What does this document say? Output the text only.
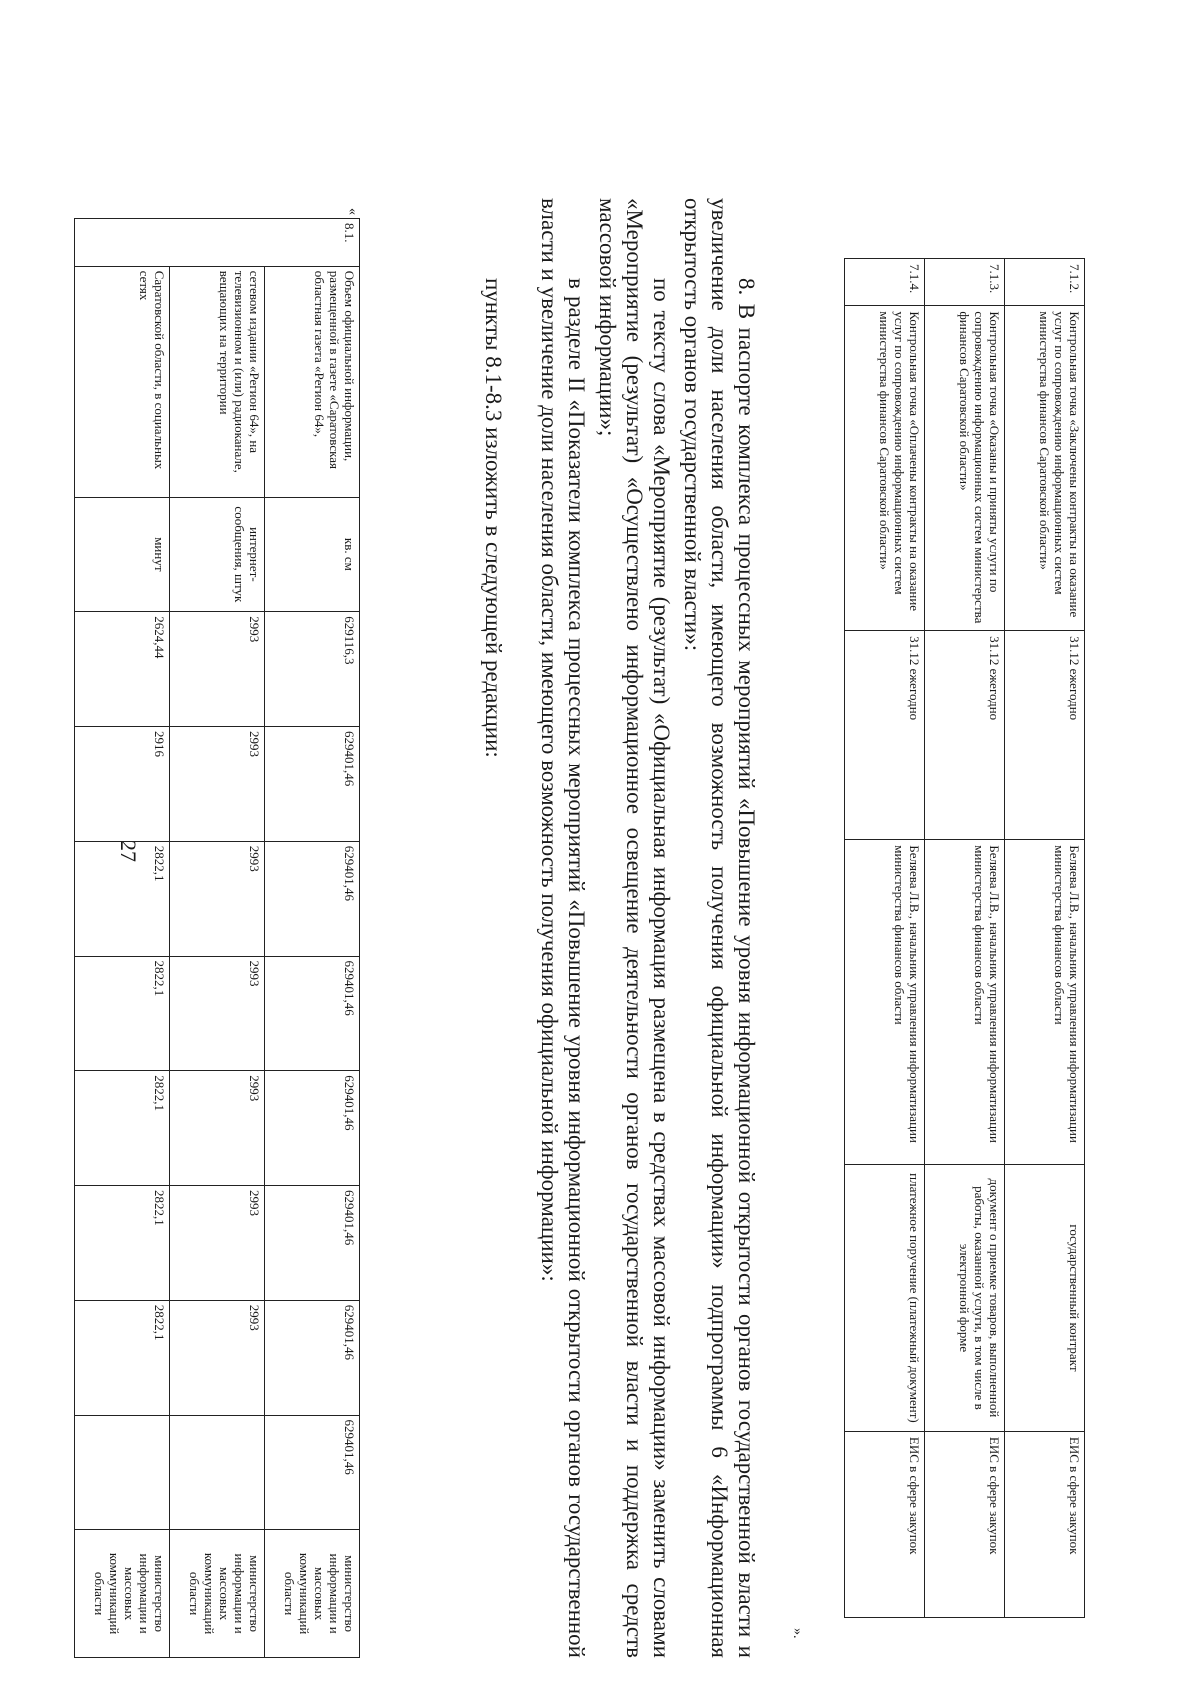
27
7.1.2.	Контрольная точка «Заключены контракты на оказание услуг по сопровождению информационных систем министерства финансов Саратовской области»	31.12 ежегодно	Беляева Л.В., начальник управления информатизации министерства финансов области	государственный контракт	ЕИС в сфере закупок
7.1.3.	Контрольная точка «Оказаны и приняты услуги по сопровождению информационных систем министерства финансов Саратовской области»	31.12 ежегодно	Беляева Л.В., начальник управления информатизации министерства финансов области	документ о приемке товаров, выполненной работы, оказанной услуги, в том числе в электронной форме	ЕИС в сфере закупок
7.1.4.	Контрольная точка «Оплачены контракты на оказание услуг по сопровождению информационных систем министерства финансов Саратовской области»	31.12 ежегодно	Беляева Л.В., начальник управления информатизации министерства финансов области	платежное поручение (платежный документ)	ЕИС в сфере закупок
».
8. В паспорте комплекса процессных мероприятий «Повышение уровня информационной открытости органов государственной власти и увеличение доли населения области, имеющего возможность получения официальной информации» подпрограммы 6 «Информационная открытость органов государственной власти»:
по тексту слова «Мероприятие (результат) «Официальная информация размещена в средствах массовой информации» заменить словами «Мероприятие (результат) «Осуществлено информационное освещение деятельности органов государственной власти и поддержка средств массовой информации»;
в разделе II «Показатели комплекса процессных мероприятий «Повышение уровня информационной открытости органов государственной власти и увеличение доли населения области, имеющего возможность получения официальной информации»:
пункты 8.1-8.3 изложить в следующей редакции:
«
8.1.	Объем официальной информации, размещенной в газете «Саратовская областная газета «Регион 64»,	кв. см	629116,3	629401,46	629401,46	629401,46	629401,46	629401,46	629401,46	629401,46	министерство информации и массовых коммуникаций области
	сетевом издании «Регион 64», на телевизионном и (или) радиоканале, вещающих на территории	интернет-сообщения, штук	2993	2993	2993	2993	2993	2993	2993		министерство информации и массовых коммуникаций области
	Саратовской области, в социальных сетях	минут	2624,44	2916	2822,1	2822,1	2822,1	2822,1	2822,1		министерство информации и массовых коммуникаций области
